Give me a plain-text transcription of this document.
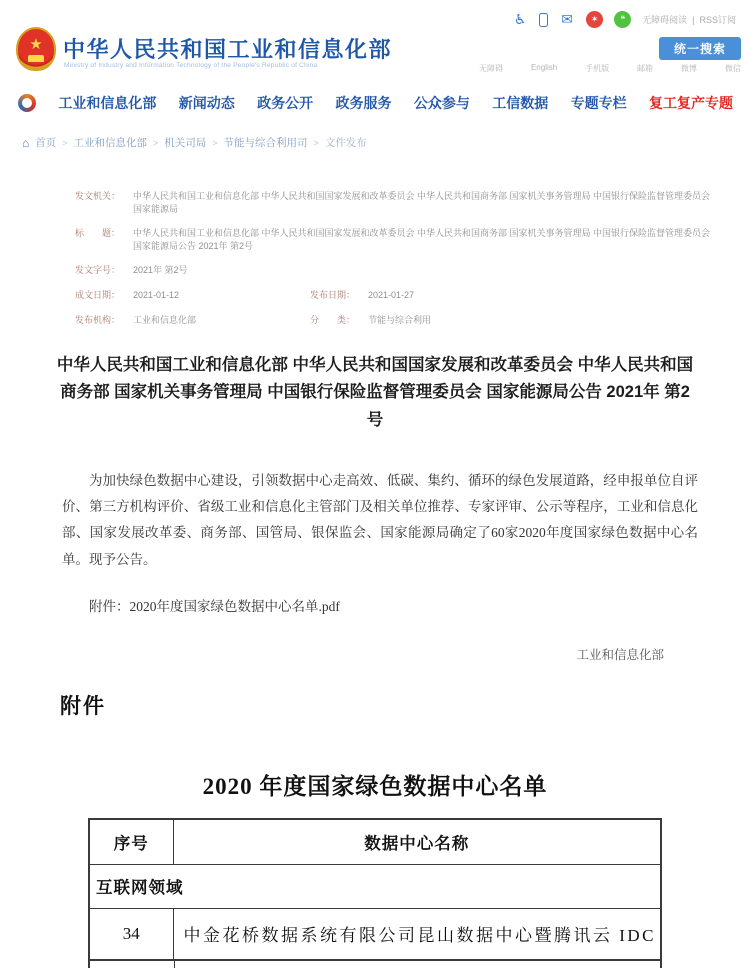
★ 中华人民共和国工业和信息化部
Ministry of Industry and Information Technology of the People's Republic of China
♿ ✉	✶	❝	无障碍阅读 | RSS订阅
统一搜索
无障碍	English	手机版	邮箱	微博	微信
工业和信息化部 新闻动态 政务公开 政务服务 公众参与 工信数据 专题专栏 复工复产专题
⌂ 首页 > 工业和信息化部 > 机关司局 > 节能与综合利用司 > 文件发布
发文机关：	中华人民共和国工业和信息化部 中华人民共和国国家发展和改革委员会 中华人民共和国商务部 国家机关事务管理局 中国银行保险监督管理委员会 国家能源局
标　　题：	中华人民共和国工业和信息化部 中华人民共和国国家发展和改革委员会 中华人民共和国商务部 国家机关事务管理局 中国银行保险监督管理委员会 国家能源局公告 2021年 第2号
发文字号：	2021年 第2号
成文日期：	2021-01-12	发布日期：	2021-01-27
发布机构：	工业和信息化部	分　　类：	节能与综合利用
中华人民共和国工业和信息化部 中华人民共和国国家发展和改革委员会 中华人民共和国商务部 国家机关事务管理局 中国银行保险监督管理委员会 国家能源局公告 2021年 第2号

为加快绿色数据中心建设，引领数据中心走高效、低碳、集约、循环的绿色发展道路，经申报单位自评价、第三方机构评价、省级工业和信息化主管部门及相关单位推荐、专家评审、公示等程序，工业和信息化部、国家发展改革委、商务部、国管局、银保监会、国家能源局确定了60家2020年度国家绿色数据中心名单。现予公告。

附件：2020年度国家绿色数据中心名单.pdf

工业和信息化部
附件
2020 年度国家绿色数据中心名单
序号	数据中心名称
互联网领域	
34	中金花桥数据系统有限公司昆山数据中心暨腾讯云 IDC
